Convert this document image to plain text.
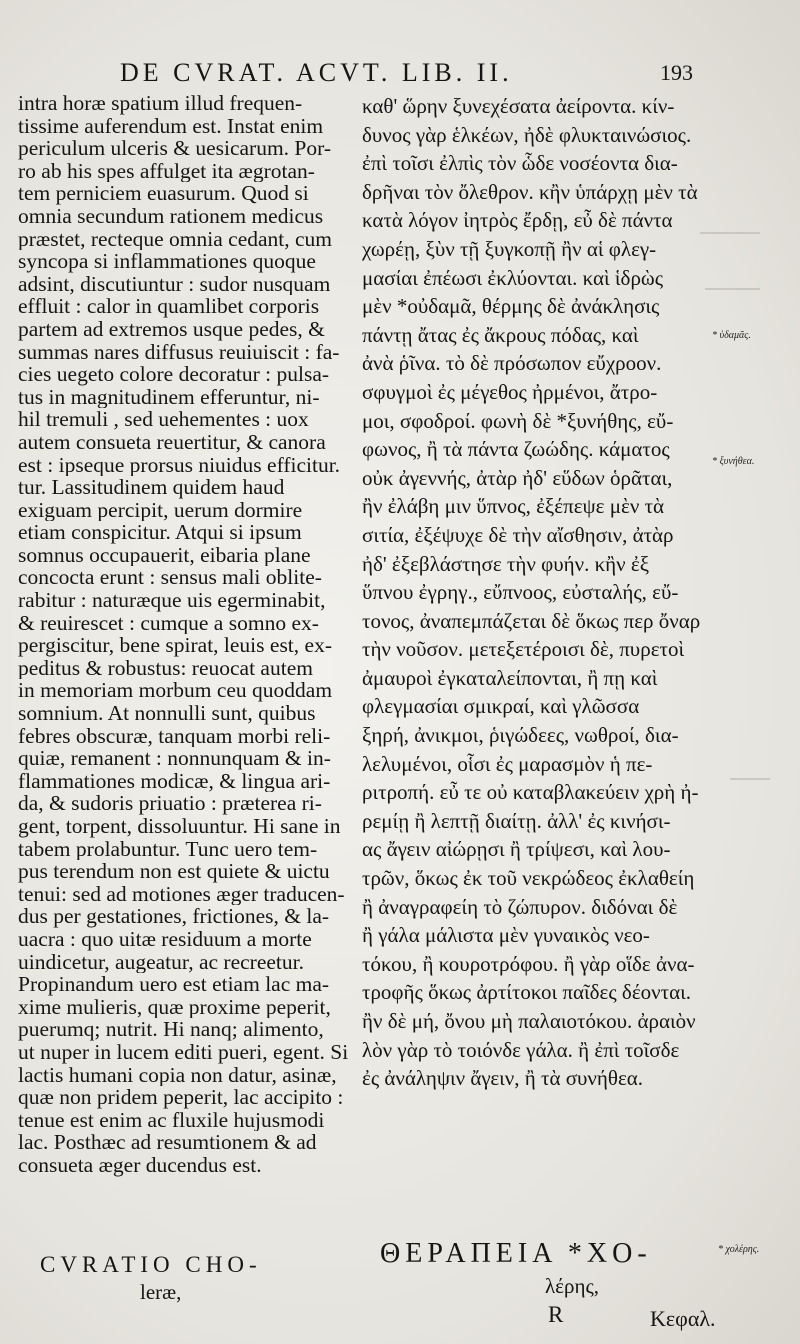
DE CVRAT. ACVT. LIB. II.	193
intra horæ spatium illud frequen-
tissime auferendum est. Instat enim
periculum ulceris & uesicarum. Por-
ro ab his spes affulget ita ægrotan-
tem perniciem euasurum. Quod si
omnia secundum rationem medicus
præstet, recteque omnia cedant, cum
syncopa si inflammationes quoque
adsint, discutiuntur : sudor nusquam
effluit : calor in quamlibet corporis
partem ad extremos usque pedes, &
summas nares diffusus reuiuiscit : fa-
cies uegeto colore decoratur : pulsa-
tus in magnitudinem efferuntur, ni-
hil tremuli , sed uehementes : uox
autem consueta reuertitur, & canora
est : ipseque prorsus niuidus efficitur.
tur. Lassitudinem quidem haud
exiguam percipit, uerum dormire
etiam conspicitur. Atqui si ipsum
somnus occupauerit, eibaria plane
concocta erunt : sensus mali oblite-
rabitur : naturæque uis egerminabit,
& reuirescet : cumque a somno ex-
pergiscitur, bene spirat, leuis est, ex-
peditus & robustus: reuocat autem
in memoriam morbum ceu quoddam
somnium. At nonnulli sunt, quibus
febres obscuræ, tanquam morbi reli-
quiæ, remanent : nonnunquam & in-
flammationes modicæ, & lingua ari-
da, & sudoris priuatio : præterea ri-
gent, torpent, dissoluuntur. Hi sane in
tabem prolabuntur. Tunc uero tem-
pus terendum non est quiete & uictu
tenui: sed ad motiones æger traducen-
dus per gestationes, frictiones, & la-
uacra : quo uitæ residuum a morte
uindicetur, augeatur, ac recreetur.
Propinandum uero est etiam lac ma-
xime mulieris, quæ proxime peperit,
puerumq; nutrit. Hi nanq; alimento,
ut nuper in lucem editi pueri, egent. Si
lactis humani copia non datur, asinæ,
quæ non pridem peperit, lac accipito :
tenue est enim ac fluxile hujusmodi
lac. Posthæc ad resumtionem & ad
consueta æger ducendus est.
καθ' ὥρην ξυνεχέσατα ἀείροντα. κίν-
δυνος γὰρ ἑλκέων, ἠδὲ φλυκταινώσιος.
ἐπὶ τοῖσι ἐλπὶς τὸν ὧδε νοσέοντα δια-
δρῆναι τὸν ὄλεθρον. κἢν ὑπάρχῃ μὲν τὰ
κατὰ λόγον ἰητρὸς ἔρδῃ, εὖ δὲ πάντα
χωρέῃ, ξὺν τῇ ξυγκοπῇ ἢν αἱ φλεγ-
μασίαι ἐπέωσι ἐκλύονται. καὶ ἱδρὼς
μὲν *οὐδαμᾶ, θέρμης δὲ ἀνάκλησις
πάντῃ ἄτας ἐς ἄκρους πόδας, καὶ
ἀνὰ ῥῖνα. τὸ δὲ πρόσωπον εὔχροον.
σφυγμοὶ ἐς μέγεθος ἠρμένοι, ἄτρο-
μοι, σφοδροί. φωνὴ δὲ *ξυνήθης, εὔ-
φωνος, ἢ τὰ πάντα ζωώδης. κάματος
οὐκ ἀγεννής, ἀτὰρ ἠδ' εὕδων ὁρᾶται,
ἢν ἐλάβη μιν ὕπνος, ἐξέπεψε μὲν τὰ
σιτία, ἐξέψυχε δὲ τὴν αἴσθησιν, ἀτὰρ
ἠδ' ἐξεβλάστησε τὴν φυήν. κἢν ἐξ
ὕπνου ἐγρηγ., εὔπνοος, εὐσταλής, εὔ-
τονος, ἀναπεμπάζεται δὲ ὅκως περ ὄναρ
τὴν νοῦσον. μετεξετέροισι δὲ, πυρετοὶ
ἀμαυροὶ ἐγκαταλείπονται, ἢ πῃ καὶ
φλεγμασίαι σμικραί, καὶ γλῶσσα
ξηρή, ἀνικμοι, ῥιγώδεες, νωθροί, δια-
λελυμένοι, οἷσι ἐς μαρασμὸν ἡ πε-
ριτροπή. εὖ τε οὐ καταβλακεύειν χρὴ ἠ-
ρεμίῃ ἢ λεπτῇ διαίτῃ. ἀλλ' ἐς κινήσι-
ας ἄγειν αἰώρῃσι ἢ τρίψεσι, καὶ λου-
τρῶν, ὅκως ἐκ τοῦ νεκρώδεος ἐκλαθείη
ἢ ἀναγραφείη τὸ ζώπυρον. διδόναι δὲ
ἢ γάλα μάλιστα μὲν γυναικὸς νεο-
τόκου, ἢ κουροτρόφου. ἢ γὰρ οἵδε ἀνα-
τροφῆς ὅκως ἀρτίτοκοι παῖδες δέονται.
ἢν δὲ μή, ὄνου μὴ παλαιοτόκου. ἀραιὸν
λὸν γὰρ τὸ τοιόνδε γάλα. ἢ ἐπὶ τοῖσδε
ἐς ἀνάληψιν ἄγειν, ἢ τὰ συνήθεα.
* ὑδαμᾶς.
* ξυνήθεα.
* χολέρης.
CVRATIO CHO-
leræ,
ΘΕΡΑΠΕΙΑ *ΧΟ-
λέρης,
R	Κεφαλ.
